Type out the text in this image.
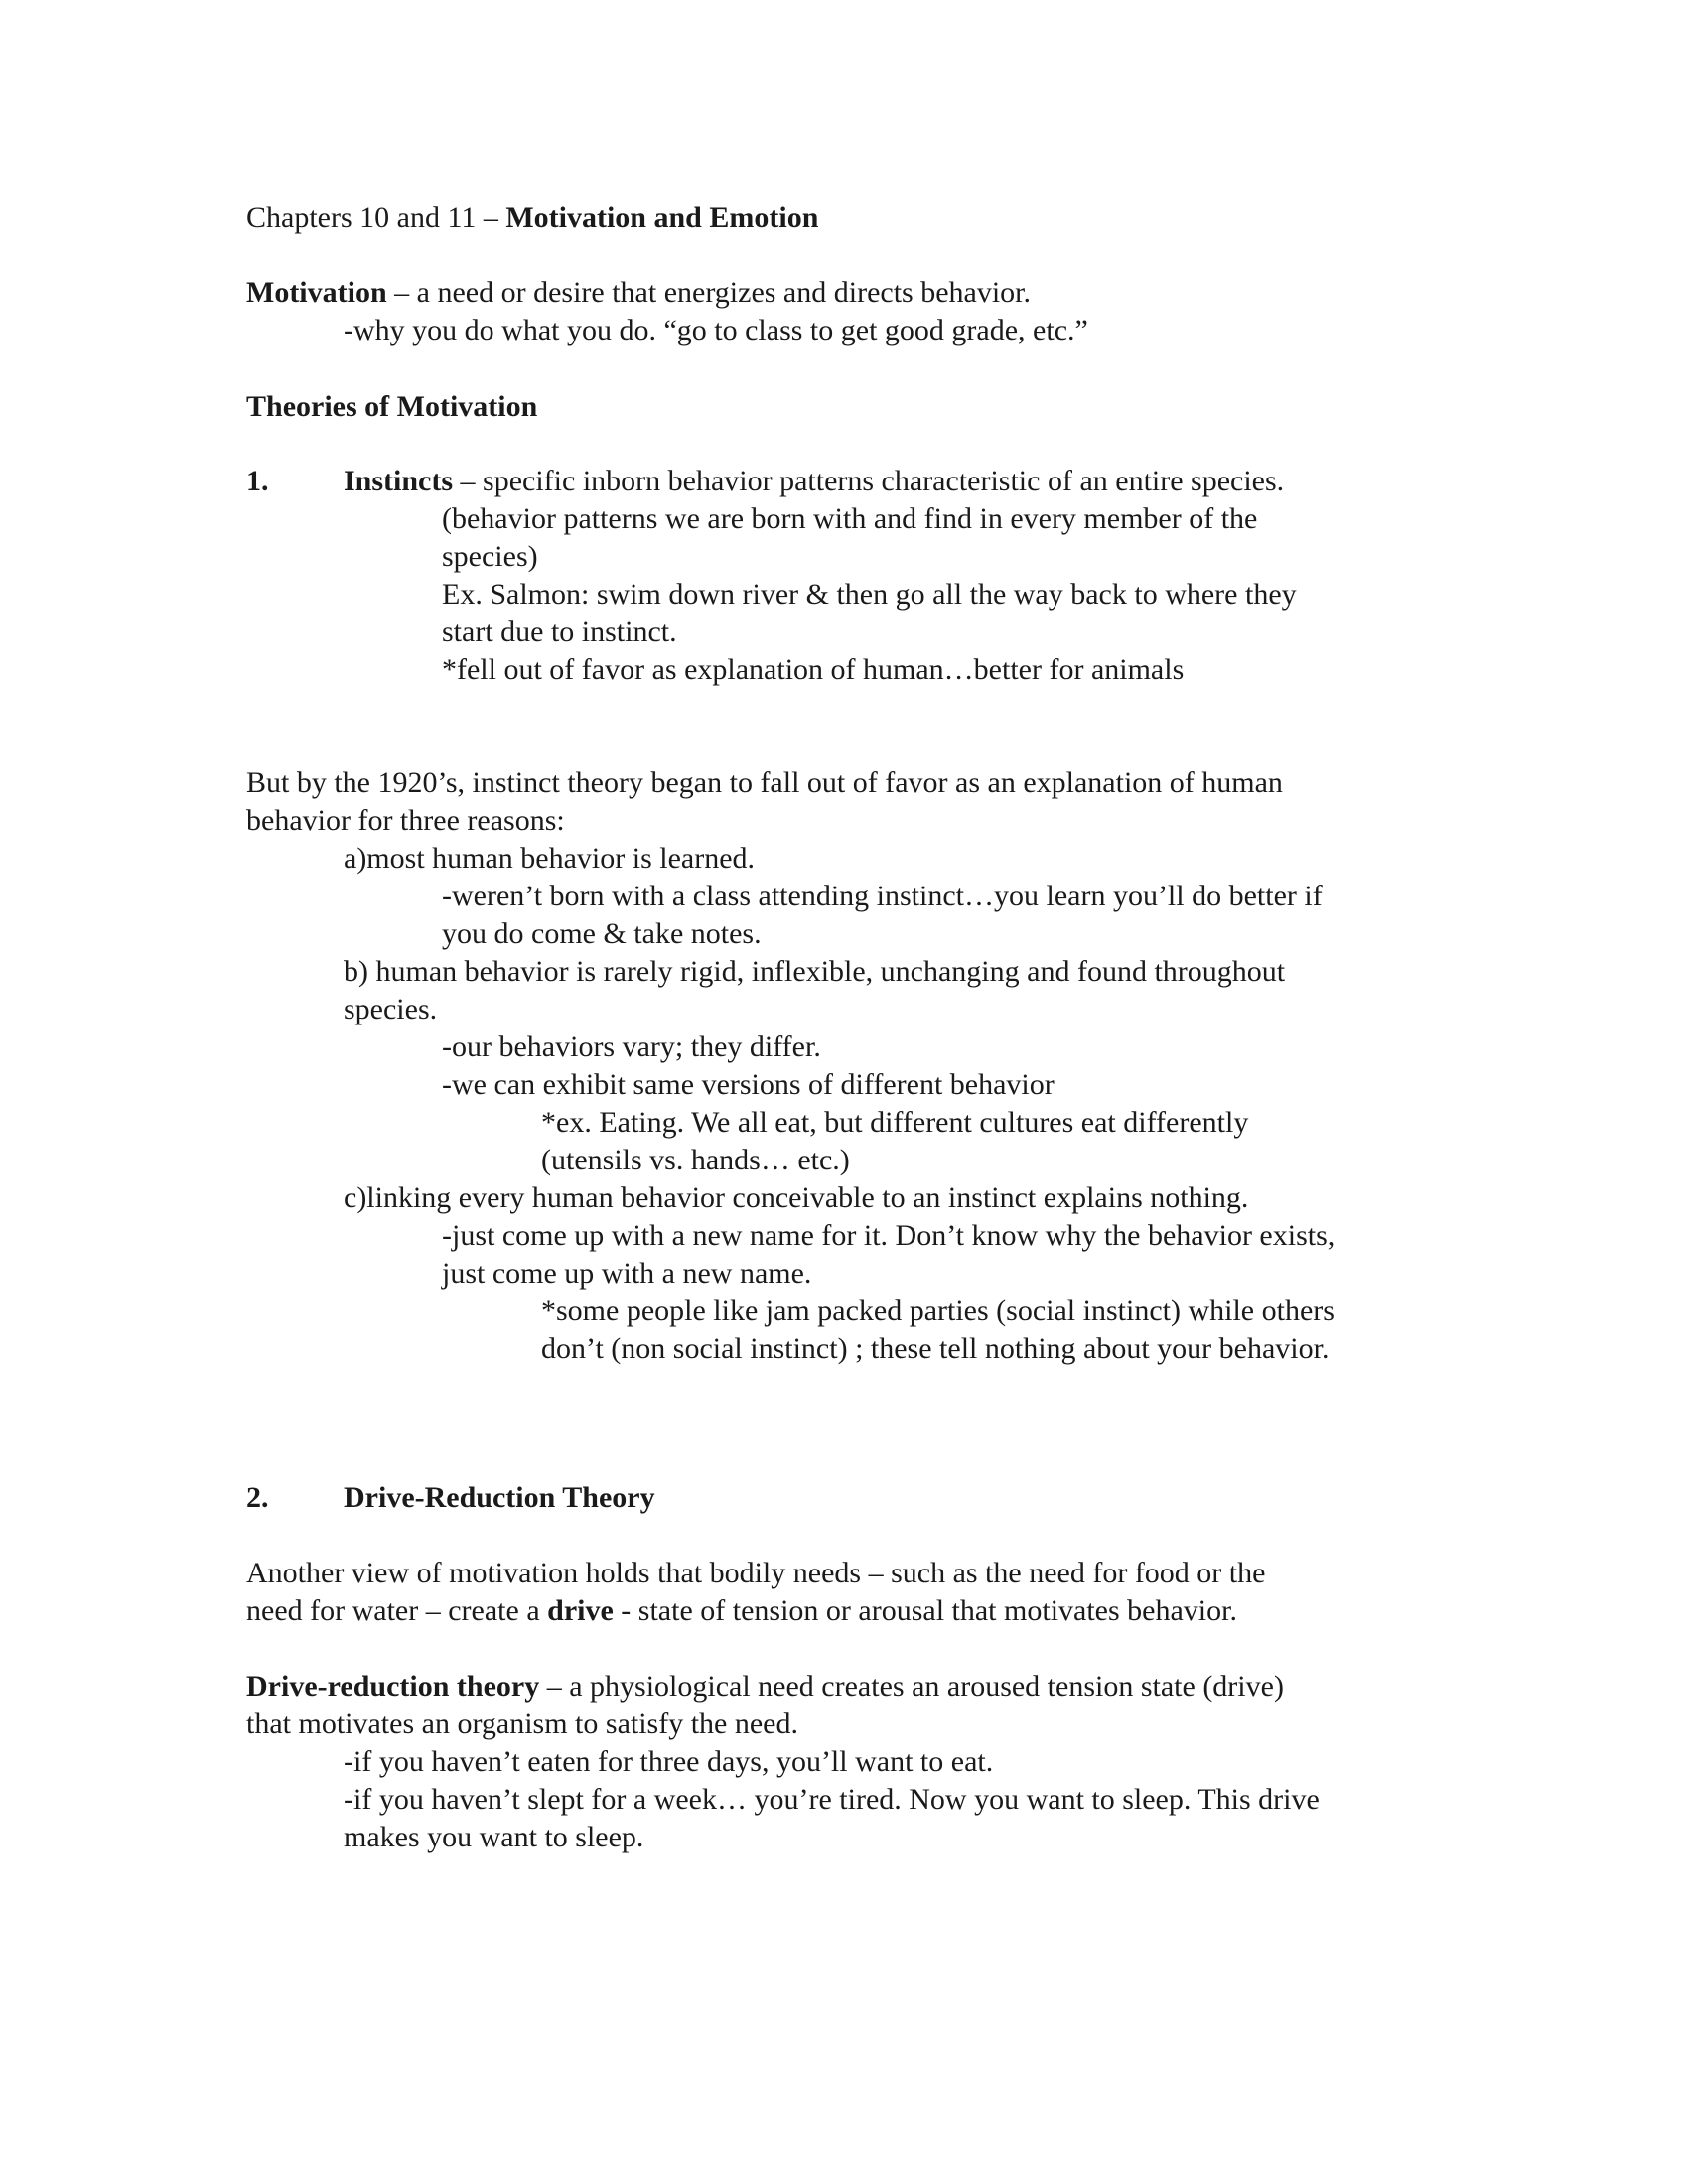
Chapters 10 and 11 – Motivation and Emotion
Motivation – a need or desire that energizes and directs behavior.
-why you do what you do. “go to class to get good grade, etc.”
Theories of Motivation
1.	Instincts – specific inborn behavior patterns characteristic of an entire species.
(behavior patterns we are born with and find in every member of the
species)
Ex. Salmon: swim down river & then go all the way back to where they
start due to instinct.
*fell out of favor as explanation of human…better for animals
But by the 1920’s, instinct theory began to fall out of favor as an explanation of human
behavior for three reasons:
a)most human behavior is learned.
-weren’t born with a class attending instinct…you learn you’ll do better if
you do come & take notes.
b) human behavior is rarely rigid, inflexible, unchanging and found throughout
species.
-our behaviors vary; they differ.
-we can exhibit same versions of different behavior
*ex. Eating. We all eat, but different cultures eat differently
(utensils vs. hands… etc.)
c)linking every human behavior conceivable to an instinct explains nothing.
-just come up with a new name for it. Don’t know why the behavior exists,
just come up with a new name.
*some people like jam packed parties (social instinct) while others
don’t (non social instinct) ; these tell nothing about your behavior.
2.	Drive-Reduction Theory
Another view of motivation holds that bodily needs – such as the need for food or the
need for water – create a drive - state of tension or arousal that motivates behavior.
Drive-reduction theory – a physiological need creates an aroused tension state (drive)
that motivates an organism to satisfy the need.
-if you haven’t eaten for three days, you’ll want to eat.
-if you haven’t slept for a week… you’re tired. Now you want to sleep. This drive
makes you want to sleep.
